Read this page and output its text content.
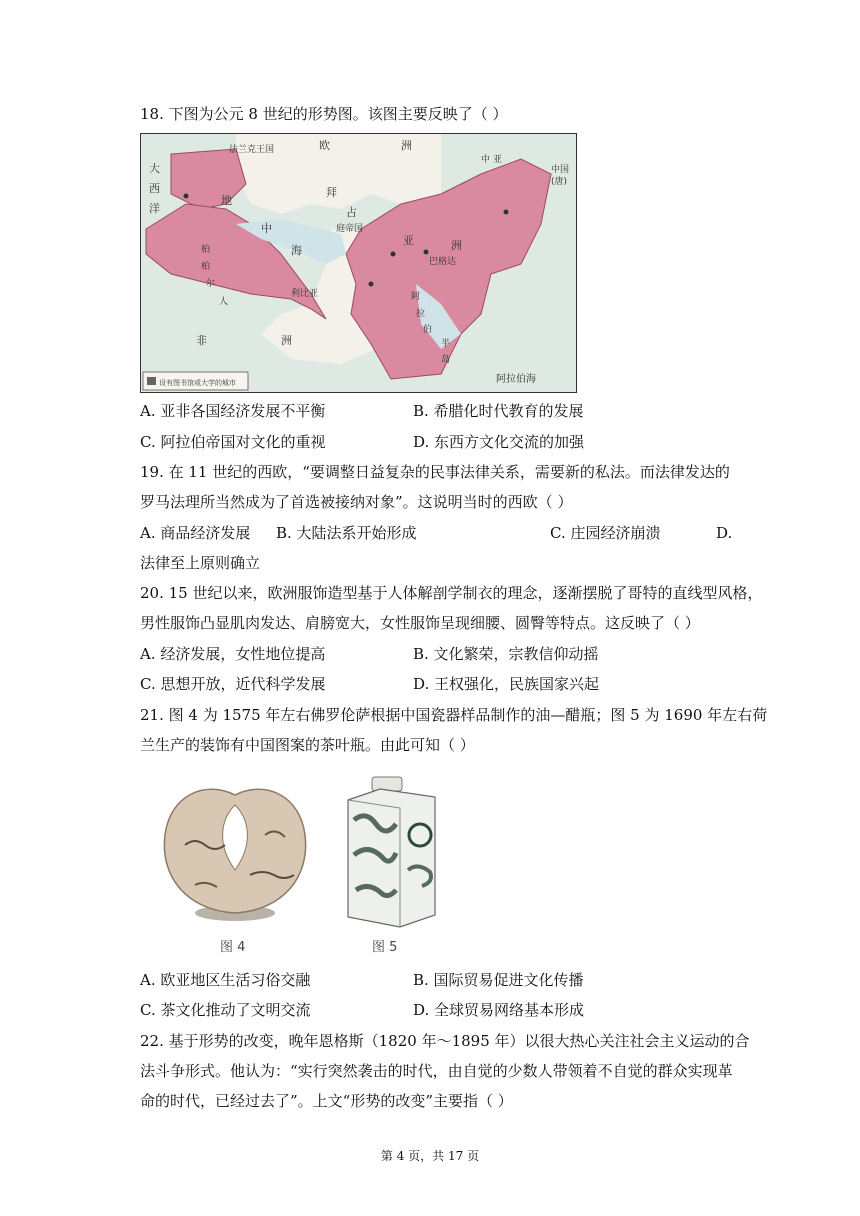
18. 下图为公元 8 世纪的形势图。该图主要反映了（ ）
法兰克王国	欧	洲
中国
(唐)
大
西
洋
地
中
海
拜
占
庭帝国
亚	洲
巴格达
柏
柏
尔
人
利比亚
非	洲
阿
拉
伯
半
岛
阿拉伯海
中 亚
设有图书馆或大学的城市
A. 亚非各国经济发展不平衡	B. 希腊化时代教育的发展
C. 阿拉伯帝国对文化的重视	D. 东西方文化交流的加强
19. 在 11 世纪的西欧，“要调整日益复杂的民事法律关系，需要新的私法。而法律发达的
罗马法理所当然成为了首选被接纳对象”。这说明当时的西欧（ ）
A. 商品经济发展 B. 大陆法系开始形成	C. 庄园经济崩溃	D.
法律至上原则确立
20. 15 世纪以来，欧洲服饰造型基于人体解剖学制衣的理念，逐渐摆脱了哥特的直线型风格，
男性服饰凸显肌肉发达、肩膀宽大，女性服饰呈现细腰、圆臀等特点。这反映了（ ）
A. 经济发展，女性地位提高	B. 文化繁荣，宗教信仰动摇
C. 思想开放，近代科学发展	D. 王权强化，民族国家兴起
21. 图 4 为 1575 年左右佛罗伦萨根据中国瓷器样品制作的油—醋瓶；图 5 为 1690 年左右荷
兰生产的装饰有中国图案的茶叶瓶。由此可知（ ）
图 4	图 5
A. 欧亚地区生活习俗交融	B. 国际贸易促进文化传播
C. 茶文化推动了文明交流	D. 全球贸易网络基本形成
22. 基于形势的改变，晚年恩格斯（1820 年～1895 年）以很大热心关注社会主义运动的合
法斗争形式。他认为：“实行突然袭击的时代，由自觉的少数人带领着不自觉的群众实现革
命的时代，已经过去了”。上文“形势的改变”主要指（ ）
第 4 页，共 17 页
